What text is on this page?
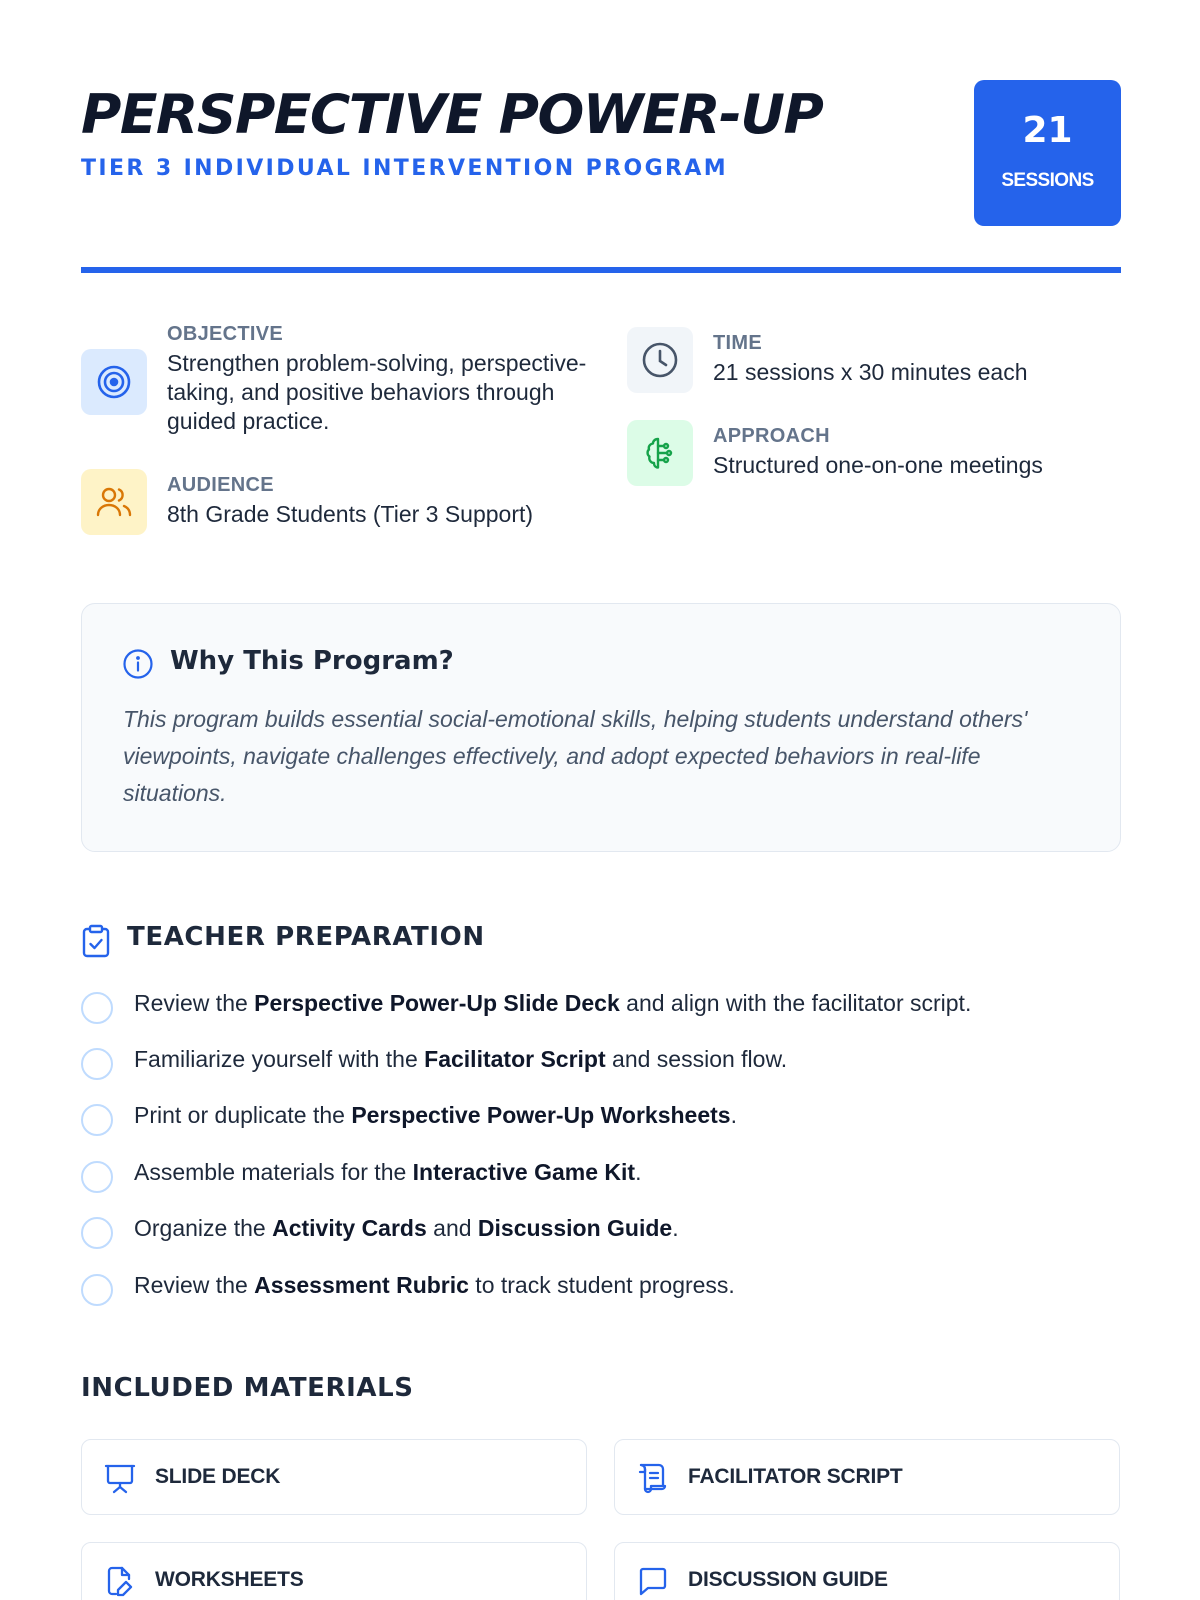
PERSPECTIVE POWER-UP
TIER 3 INDIVIDUAL INTERVENTION PROGRAM
21
SESSIONS
OBJECTIVE
Strengthen problem-solving, perspective-taking, and positive behaviors through guided practice.
AUDIENCE
8th Grade Students (Tier 3 Support)
TIME
21 sessions x 30 minutes each
APPROACH
Structured one-on-one meetings
Why This Program?
This program builds essential social-emotional skills, helping students understand others' viewpoints, navigate challenges effectively, and adopt expected behaviors in real-life situations.
TEACHER PREPARATION
Review the Perspective Power-Up Slide Deck and align with the facilitator script.
Familiarize yourself with the Facilitator Script and session flow.
Print or duplicate the Perspective Power-Up Worksheets.
Assemble materials for the Interactive Game Kit.
Organize the Activity Cards and Discussion Guide.
Review the Assessment Rubric to track student progress.
INCLUDED MATERIALS
SLIDE DECK	FACILITATOR SCRIPT
WORKSHEETS	DISCUSSION GUIDE
